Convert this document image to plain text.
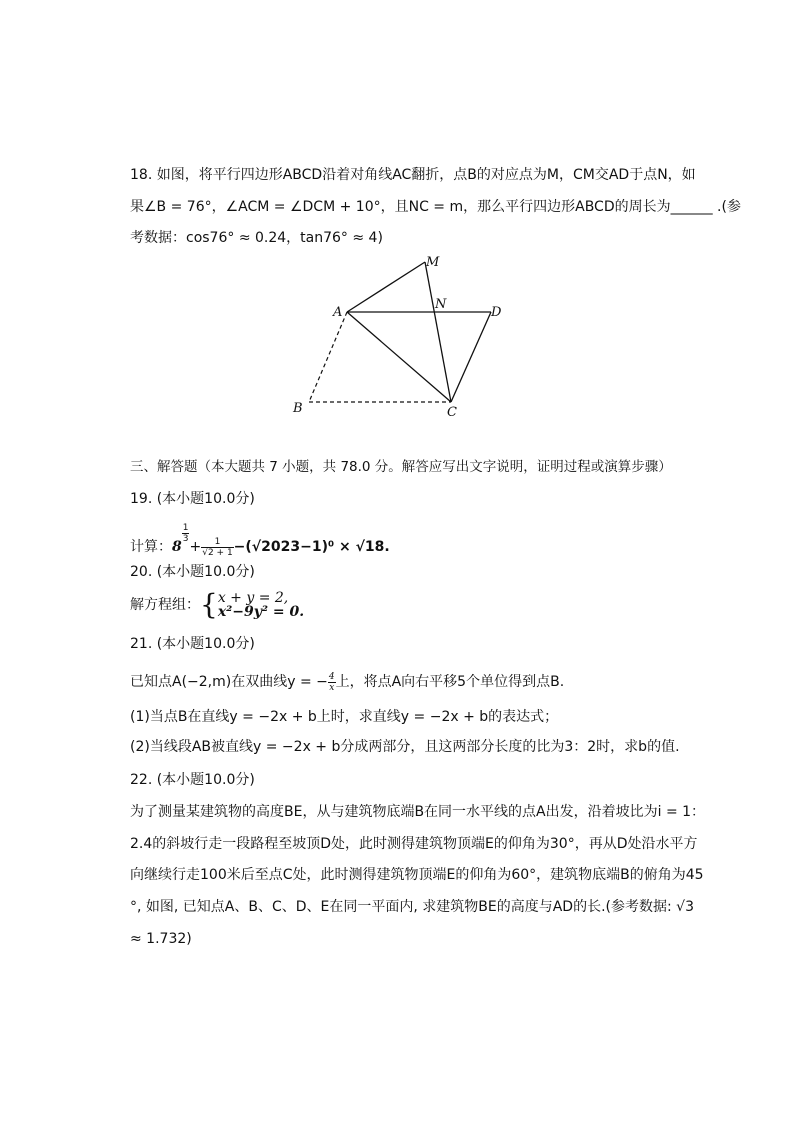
18. 如图，将平行四边形ABCD沿着对角线AC翻折，点B的对应点为M，CM交AD于点N，如
果∠B = 76°，∠ACM = ∠DCM + 10°，且NC = m，那么平行四边形ABCD的周长为______ .(参
考数据：cos76° ≈ 0.24，tan76° ≈ 4)
M
A
N
D
B	C
三、解答题（本大题共 7 小题，共 78.0 分。解答应写出文字说明，证明过程或演算步骤）
19. (本小题10.0分)
计算：8
$\frac{1}{3}$
+ $\frac{1}{√2 + 1} -(√2023-1)^0 \times √18$.
20. (本小题10.0分)
解方程组：{ x + y = 2,
x²−9y² = 0.
21. (本小题10.0分)
已知点A(−2,m)在双曲线y = − $\frac{4}{x}$ 上，将点A向右平移5个单位得到点B.
(1)当点B在直线y = −2x + b上时，求直线y = −2x + b的表达式；
(2)当线段AB被直线y = −2x + b分成两部分，且这两部分长度的比为3：2时，求b的值.
22. (本小题10.0分)
为了测量某建筑物的高度BE，从与建筑物底端B在同一水平线的点A出发，沿着坡比为i = 1：
2.4的斜坡行走一段路程至坡顶D处，此时测得建筑物顶端E的仰角为30°，再从D处沿水平方
向继续行走100米后至点C处，此时测得建筑物顶端E的仰角为60°，建筑物底端B的俯角为45
°, 如图, 已知点A、B、C、D、E在同一平面内, 求建筑物BE的高度与AD的长.(参考数据: √3
≈ 1.732)
